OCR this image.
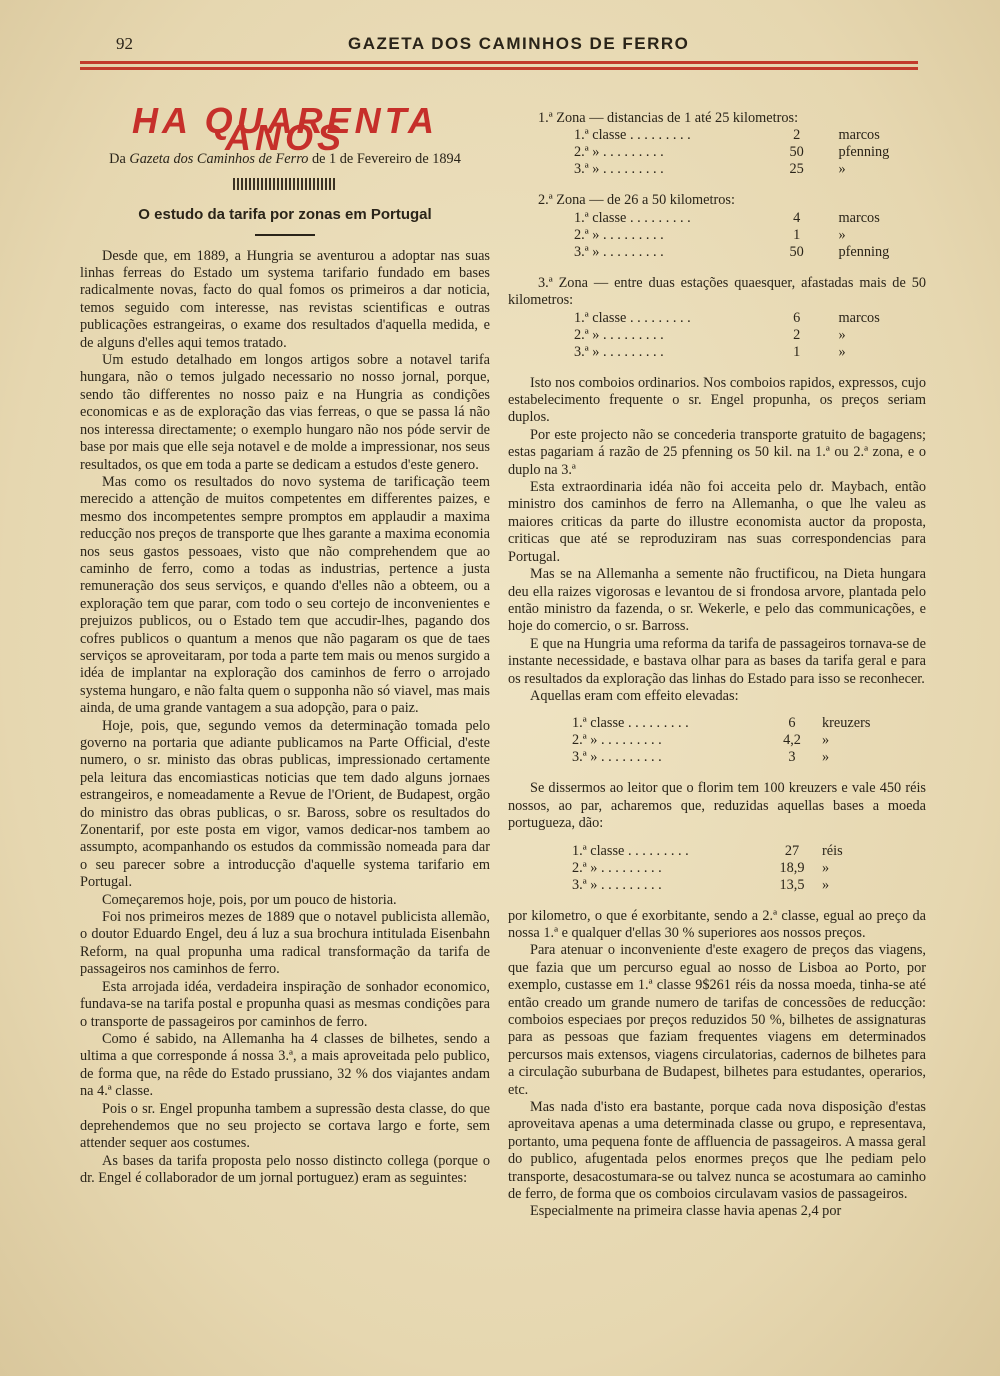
92	GAZETA DOS CAMINHOS DE FERRO
HA QUARENTA ANOS
Da Gazeta dos Caminhos de Ferro de 1 de Fevereiro de 1894
O estudo da tarifa por zonas em Portugal

Desde que, em 1889, a Hungria se aventurou a adoptar nas suas linhas ferreas do Estado um systema tarifario fundado em bases radicalmente novas, facto do qual fomos os primeiros a dar noticia, temos seguido com interesse, nas revistas scientificas e outras publicações estrangeiras, o exame dos resultados d'aquella medida, e de alguns d'elles aqui temos tratado.

Um estudo detalhado em longos artigos sobre a notavel tarifa hungara, não o temos julgado necessario no nosso jornal, porque, sendo tão differentes no nosso paiz e na Hungria as condições economicas e as de exploração das vias ferreas, o que se passa lá não nos interessa directamente; o exemplo hungaro não nos póde servir de base por mais que elle seja notavel e de molde a impressionar, nos seus resultados, os que em toda a parte se dedicam a estudos d'este genero.

Mas como os resultados do novo systema de tarificação teem merecido a attenção de muitos competentes em differentes paizes, e mesmo dos incompetentes sempre promptos em applaudir a maxima reducção nos preços de transporte que lhes garante a maxima economia nos seus gastos pessoaes, visto que não comprehendem que ao caminho de ferro, como a todas as industrias, pertence a justa remuneração dos seus serviços, e quando d'elles não a obteem, ou a exploração tem que parar, com todo o seu cortejo de inconvenientes e prejuizos publicos, ou o Estado tem que accudir-lhes, pagando dos cofres publicos o quantum a menos que não pagaram os que de taes serviços se aproveitaram, por toda a parte tem mais ou menos surgido a idéa de implantar na exploração dos caminhos de ferro o arrojado systema hungaro, e não falta quem o supponha não só viavel, mas mais ainda, de uma grande vantagem a sua adopção, para o paiz.

Hoje, pois, que, segundo vemos da determinação tomada pelo governo na portaria que adiante publicamos na Parte Official, d'este numero, o sr. ministo das obras publicas, impressionado certamente pela leitura das encomiasticas noticias que tem dado alguns jornaes estrangeiros, e nomeadamente a Revue de l'Orient, de Budapest, orgão do ministro das obras publicas, o sr. Baross, sobre os resultados do Zonentarif, por este posta em vigor, vamos dedicar-nos tambem ao assumpto, acompanhando os estudos da commissão nomeada para dar o seu parecer sobre a introducção d'aquelle systema tarifario em Portugal.

Começaremos hoje, pois, por um pouco de historia.

Foi nos primeiros mezes de 1889 que o notavel publicista allemão, o doutor Eduardo Engel, deu á luz a sua brochura intitulada Eisenbahn Reform, na qual propunha uma radical transformação da tarifa de passageiros nos caminhos de ferro.

Esta arrojada idéa, verdadeira inspiração de sonhador economico, fundava-se na tarifa postal e propunha quasi as mesmas condições para o transporte de passageiros por caminhos de ferro.

Como é sabido, na Allemanha ha 4 classes de bilhetes, sendo a ultima a que corresponde á nossa 3.ª, a mais aproveitada pelo publico, de forma que, na rêde do Estado prussiano, 32 % dos viajantes andam na 4.ª classe.

Pois o sr. Engel propunha tambem a supressão desta classe, do que deprehendemos que no seu projecto se cortava largo e forte, sem attender sequer aos costumes.

As bases da tarifa proposta pelo nosso distincto collega (porque o dr. Engel é collaborador de um jornal portuguez) eram as seguintes:

1.ª Zona — distancias de 1 até 25 kilometros:

1.ª classe . . . . . . . . .	2	marcos
2.ª » . . . . . . . . .	50	pfenning
3.ª » . . . . . . . . .	25	»

2.ª Zona — de 26 a 50 kilometros:

1.ª classe . . . . . . . . .	4	marcos
2.ª » . . . . . . . . .	1	»
3.ª » . . . . . . . . .	50	pfenning

3.ª Zona — entre duas estações quaesquer, afastadas mais de 50 kilometros:

1.ª classe . . . . . . . . .	6	marcos
2.ª » . . . . . . . . .	2	»
3.ª » . . . . . . . . .	1	»

Isto nos comboios ordinarios. Nos comboios rapidos, expressos, cujo estabelecimento frequente o sr. Engel propunha, os preços seriam duplos.

Por este projecto não se concederia transporte gratuito de bagagens; estas pagariam á razão de 25 pfenning os 50 kil. na 1.ª ou 2.ª zona, e o duplo na 3.ª

Esta extraordinaria idéa não foi acceita pelo dr. Maybach, então ministro dos caminhos de ferro na Allemanha, o que lhe valeu as maiores criticas da parte do illustre economista auctor da proposta, criticas que até se reproduziram nas suas correspondencias para Portugal.

Mas se na Allemanha a semente não fructificou, na Dieta hungara deu ella raizes vigorosas e levantou de si frondosa arvore, plantada pelo então ministro da fazenda, o sr. Wekerle, e pelo das communicações, e hoje do comercio, o sr. Barross.

E que na Hungria uma reforma da tarifa de passageiros tornava-se de instante necessidade, e bastava olhar para as bases da tarifa geral e para os resultados da exploração das linhas do Estado para isso se reconhecer.

Aquellas eram com effeito elevadas:

1.ª classe . . . . . . . . .	6	kreuzers
2.ª » . . . . . . . . .	4,2	»
3.ª » . . . . . . . . .	3	»

Se dissermos ao leitor que o florim tem 100 kreuzers e vale 450 réis nossos, ao par, acharemos que, reduzidas aquellas bases a moeda portugueza, dão:

1.ª classe . . . . . . . . .	27	réis
2.ª » . . . . . . . . .	18,9	»
3.ª » . . . . . . . . .	13,5	»

por kilometro, o que é exorbitante, sendo a 2.ª classe, egual ao preço da nossa 1.ª e qualquer d'ellas 30 % superiores aos nossos preços.

Para atenuar o inconveniente d'este exagero de preços das viagens, que fazia que um percurso egual ao nosso de Lisboa ao Porto, por exemplo, custasse em 1.ª classe 9$261 réis da nossa moeda, tinha-se até então creado um grande numero de tarifas de concessões de reducção: comboios especiaes por preços reduzidos 50 %, bilhetes de assignaturas para as pessoas que faziam frequentes viagens em determinados percursos mais extensos, viagens circulatorias, cadernos de bilhetes para a circulação suburbana de Budapest, bilhetes para estudantes, operarios, etc.

Mas nada d'isto era bastante, porque cada nova disposição d'estas aproveitava apenas a uma determinada classe ou grupo, e representava, portanto, uma pequena fonte de affluencia de passageiros. A massa geral do publico, afugentada pelos enormes preços que lhe pediam pelo transporte, desacostumara-se ou talvez nunca se acostumara ao caminho de ferro, de forma que os comboios circulavam vasios de passageiros.

Especialmente na primeira classe havia apenas 2,4 por
